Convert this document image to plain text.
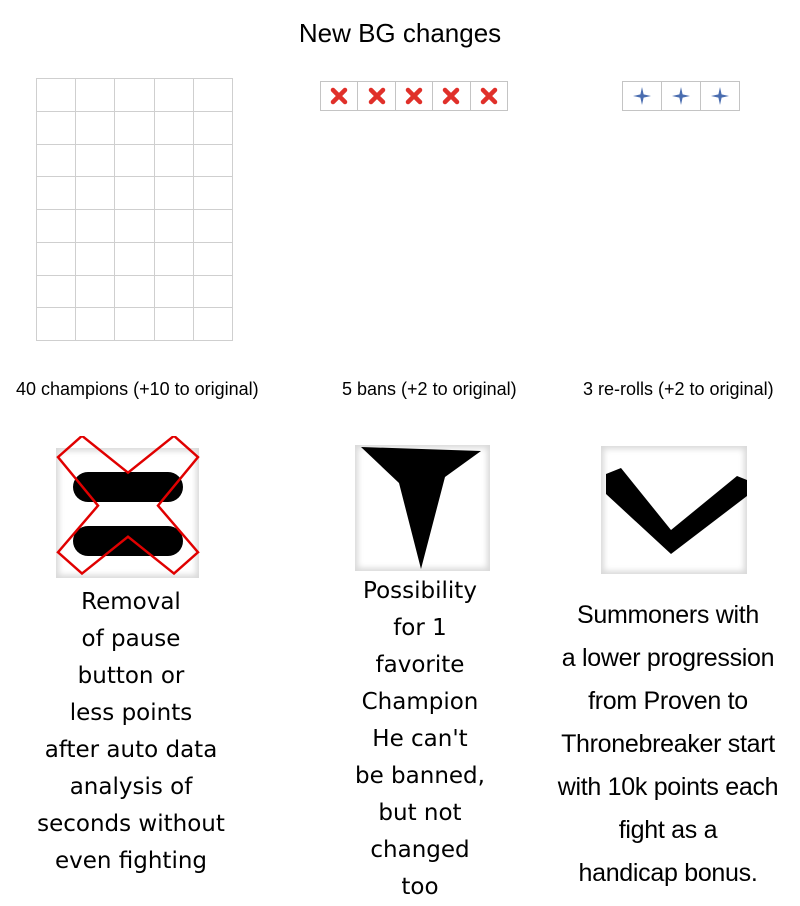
New BG changes
40 champions (+10 to original)	5 bans (+2 to original)	3 re-rolls (+2 to original)
Removal
of pause
button or
less points
after auto data
analysis of
seconds without
even fighting
Possibility
for 1
favorite
Champion
He can't
be banned,
but not
changed
too
Summoners with
a lower progression
from Proven to
Thronebreaker start
with 10k points each
fight as a
handicap bonus.
